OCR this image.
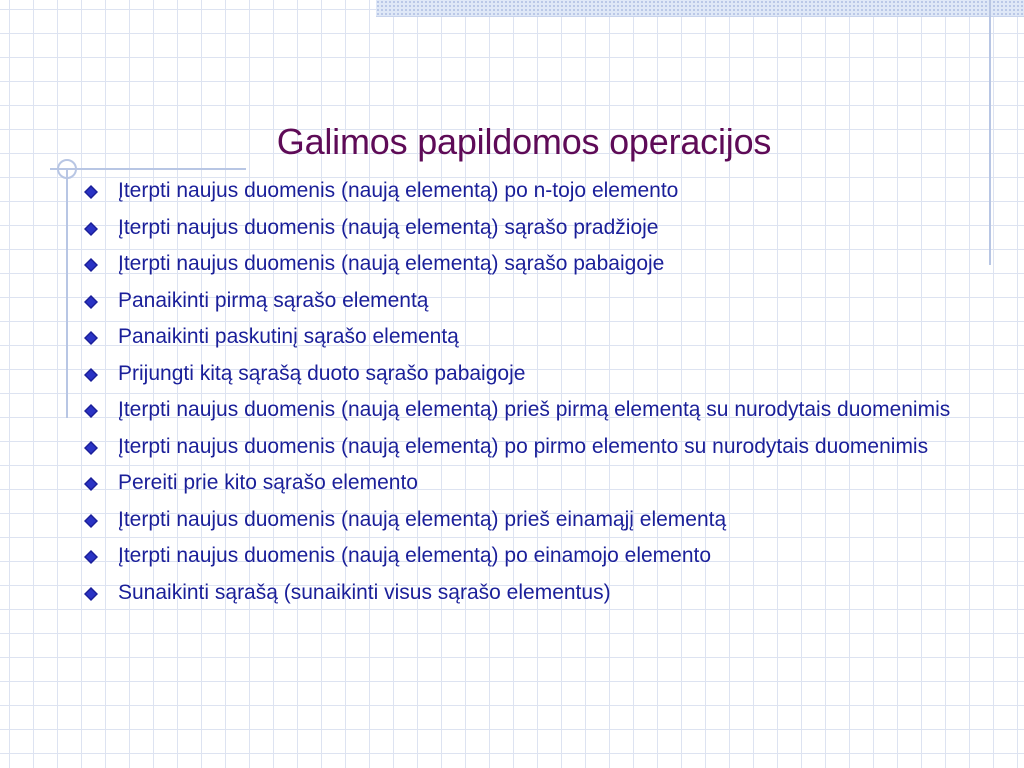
Galimos papildomos operacijos
Įterpti naujus duomenis (naują elementą) po n-tojo elemento
Įterpti naujus duomenis (naują elementą) sąrašo pradžioje
Įterpti naujus duomenis (naują elementą) sąrašo pabaigoje
Panaikinti pirmą sąrašo elementą
Panaikinti paskutinį sąrašo elementą
Prijungti kitą sąrašą duoto sąrašo pabaigoje
Įterpti naujus duomenis (naują elementą) prieš pirmą elementą su nurodytais duomenimis
Įterpti naujus duomenis (naują elementą) po pirmo elemento su nurodytais duomenimis
Pereiti prie kito sąrašo elemento
Įterpti naujus duomenis (naują elementą) prieš einamąjį elementą
Įterpti naujus duomenis (naują elementą) po einamojo elemento
Sunaikinti sąrašą (sunaikinti visus sąrašo elementus)
